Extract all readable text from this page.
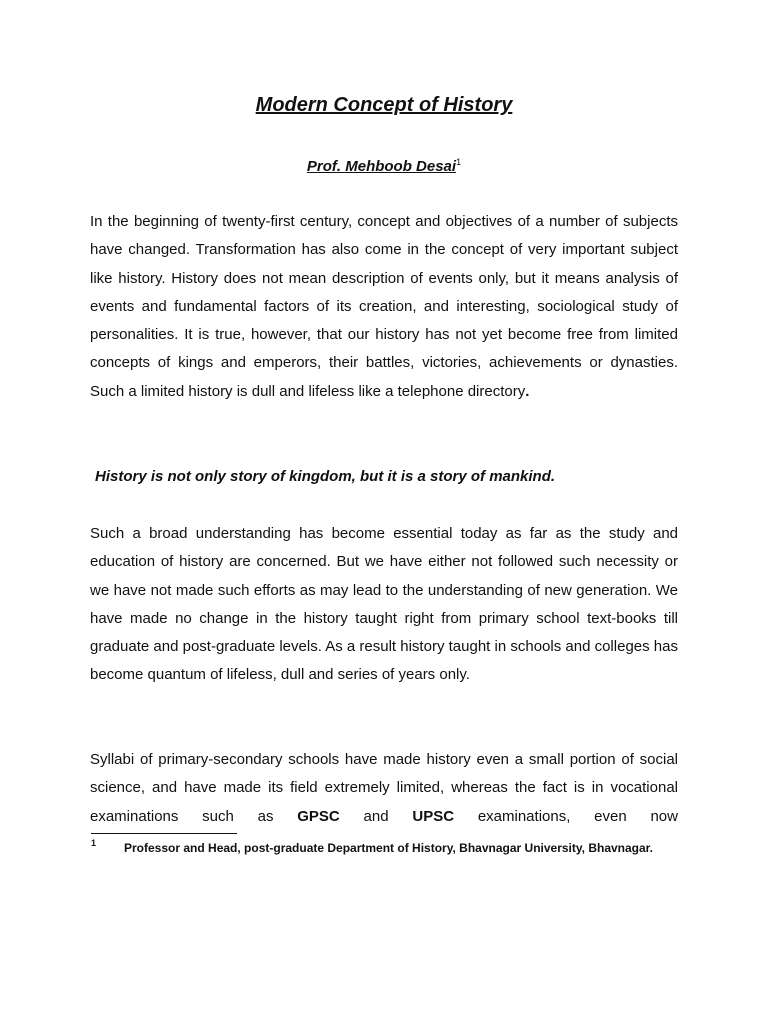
Modern Concept of History

Prof. Mehboob Desai$^1$

In the beginning of twenty-first century, concept and objectives of a number of subjects have changed. Transformation has also come in the concept of very important subject like history. History does not mean description of events only, but it means analysis of events and fundamental factors of its creation, and interesting, sociological study of personalities. It is true, however, that our history has not yet become free from limited concepts of kings and emperors, their battles, victories, achievements or dynasties. Such a limited history is dull and lifeless like a telephone directory.

History is not only story of kingdom, but it is a story of mankind.

Such a broad understanding has become essential today as far as the study and education of history are concerned. But we have either not followed such necessity or we have not made such efforts as may lead to the understanding of new generation. We have made no change in the history taught right from primary school text-books till graduate and post-graduate levels. As a result history taught in schools and colleges has become quantum of lifeless, dull and series of years only.

Syllabi of primary-secondary schools have made history even a small portion of social science, and have made its field extremely limited, whereas the fact is in vocational examinations such as GPSC and UPSC examinations, even now

1	Professor and Head, post-graduate Department of History, Bhavnagar University, Bhavnagar.
